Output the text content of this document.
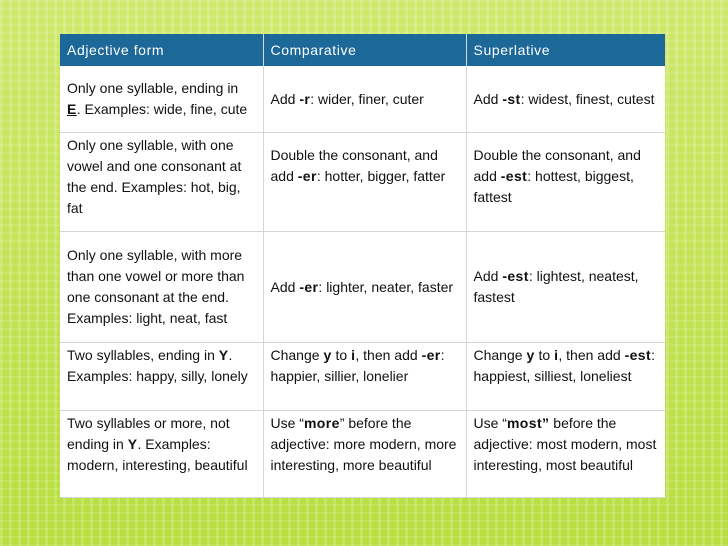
Adjective form	Comparative	Superlative
Only one syllable, ending in E. Examples: wide, fine, cute	Add -r: wider, finer, cuter	Add -st: widest, finest, cutest

Only one syllable, with one vowel and one consonant at the end. Examples: hot, big, fat	Double the consonant, and add -er: hotter, bigger, fatter	Double the consonant, and add -est: hottest, biggest, fattest
Only one syllable, with more than one vowel or more than one consonant at the end. Examples: light, neat, fast	Add -er: lighter, neater, faster	Add -est: lightest, neatest, fastest
Two syllables, ending in Y. Examples: happy, silly, lonely	Change y to i, then add -er: happier, sillier, lonelier	Change y to i, then add -est: happiest, silliest, loneliest
Two syllables or more, not ending in Y. Examples: modern, interesting, beautiful	Use “more” before the adjective: more modern, more interesting, more beautiful	Use “most” before the adjective: most modern, most interesting, most beautiful
